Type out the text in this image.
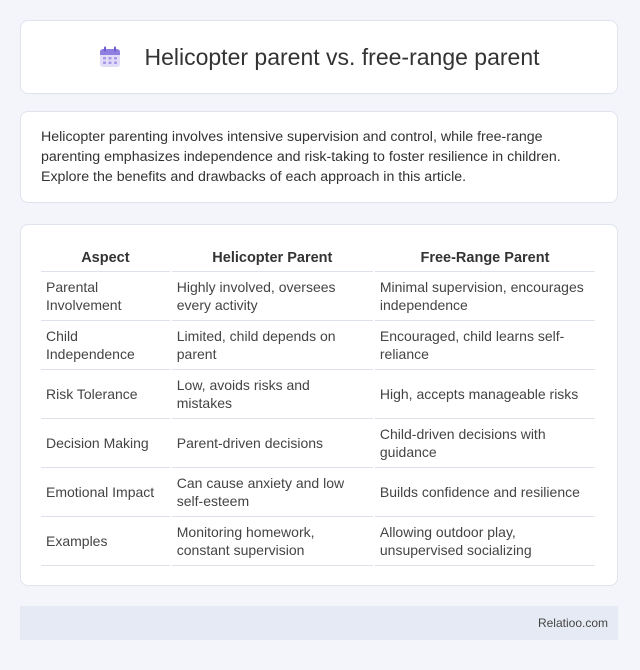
Helicopter parent vs. free-range parent

Helicopter parenting involves intensive supervision and control, while free-range parenting emphasizes independence and risk-taking to foster resilience in children. Explore the benefits and drawbacks of each approach in this article.

Aspect	Helicopter Parent	Free-Range Parent
Parental Involvement	Highly involved, oversees every activity	Minimal supervision, encourages independence
Child Independence	Limited, child depends on parent	Encouraged, child learns self-reliance
Risk Tolerance	Low, avoids risks and mistakes	High, accepts manageable risks
Decision Making	Parent-driven decisions	Child-driven decisions with guidance
Emotional Impact	Can cause anxiety and low self-esteem	Builds confidence and resilience
Examples	Monitoring homework, constant supervision	Allowing outdoor play, unsupervised socializing
Relatioo.com
